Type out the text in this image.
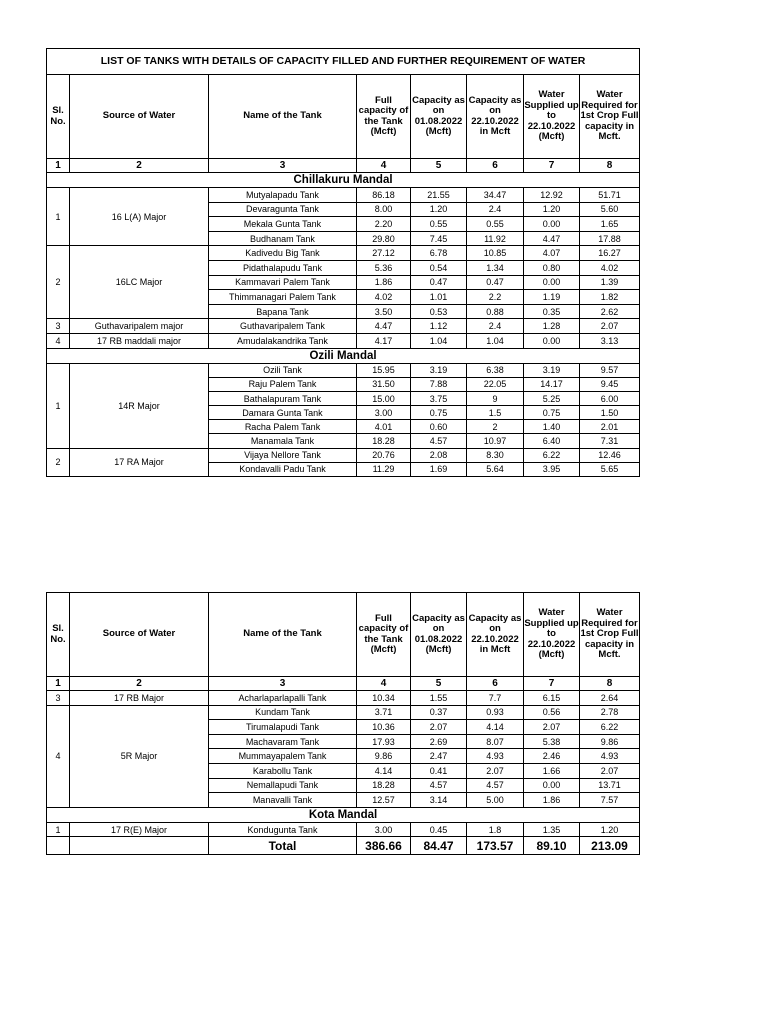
LIST OF TANKS WITH DETAILS OF CAPACITY FILLED AND FURTHER REQUIREMENT OF WATER							
Sl. No.	Source of Water	Name of the Tank	Full capacity of the Tank (Mcft)	Capacity as on 01.08.2022 (Mcft)	Capacity as on 22.10.2022 in Mcft	Water Supplied up to 22.10.2022 (Mcft)	Water Required for 1st Crop Full capacity in Mcft.
1	2	3	4	5	6	7	8
Chillakuru Mandal							
1	16 L(A) Major	Mutyalapadu Tank	86.18	21.55	34.47	12.92	51.71
		Devaragunta Tank	8.00	1.20	2.4	1.20	5.60
		Mekala Gunta Tank	2.20	0.55	0.55	0.00	1.65
		Budhanam Tank	29.80	7.45	11.92	4.47	17.88
2	16LC Major	Kadivedu Big Tank	27.12	6.78	10.85	4.07	16.27
		Pidathalapudu Tank	5.36	0.54	1.34	0.80	4.02
		Kammavari Palem Tank	1.86	0.47	0.47	0.00	1.39
		Thimmanagari Palem Tank	4.02	1.01	2.2	1.19	1.82
		Bapana Tank	3.50	0.53	0.88	0.35	2.62
3	Guthavaripalem major	Guthavaripalem Tank	4.47	1.12	2.4	1.28	2.07
4	17 RB maddali major	Amudalakandrika Tank	4.17	1.04	1.04	0.00	3.13
Ozili Mandal							
1	14R Major	Ozili Tank	15.95	3.19	6.38	3.19	9.57
		Raju Palem Tank	31.50	7.88	22.05	14.17	9.45
		Bathalapuram Tank	15.00	3.75	9	5.25	6.00
		Damara Gunta Tank	3.00	0.75	1.5	0.75	1.50
		Racha Palem Tank	4.01	0.60	2	1.40	2.01
		Manamala Tank	18.28	4.57	10.97	6.40	7.31
2	17 RA Major	Vijaya Nellore Tank	20.76	2.08	8.30	6.22	12.46
		Kondavalli Padu Tank	11.29	1.69	5.64	3.95	5.65
Sl. No.	Source of Water	Name of the Tank	Full capacity of the Tank (Mcft)	Capacity as on 01.08.2022 (Mcft)	Capacity as on 22.10.2022 in Mcft	Water Supplied up to 22.10.2022 (Mcft)	Water Required for 1st Crop Full capacity in Mcft.
1	2	3	4	5	6	7	8
3	17 RB Major	Acharlaparlapalli Tank	10.34	1.55	7.7	6.15	2.64
4	5R Major	Kundam Tank	3.71	0.37	0.93	0.56	2.78
		Tirumalapudi Tank	10.36	2.07	4.14	2.07	6.22
		Machavaram Tank	17.93	2.69	8.07	5.38	9.86
		Mummayapalem Tank	9.86	2.47	4.93	2.46	4.93
		Karabollu Tank	4.14	0.41	2.07	1.66	2.07
		Nemallapudi Tank	18.28	4.57	4.57	0.00	13.71
		Manavalli Tank	12.57	3.14	5.00	1.86	7.57
Kota Mandal							
1	17 R(E) Major	Kondugunta Tank	3.00	0.45	1.8	1.35	1.20
		Total	386.66	84.47	173.57	89.10	213.09
